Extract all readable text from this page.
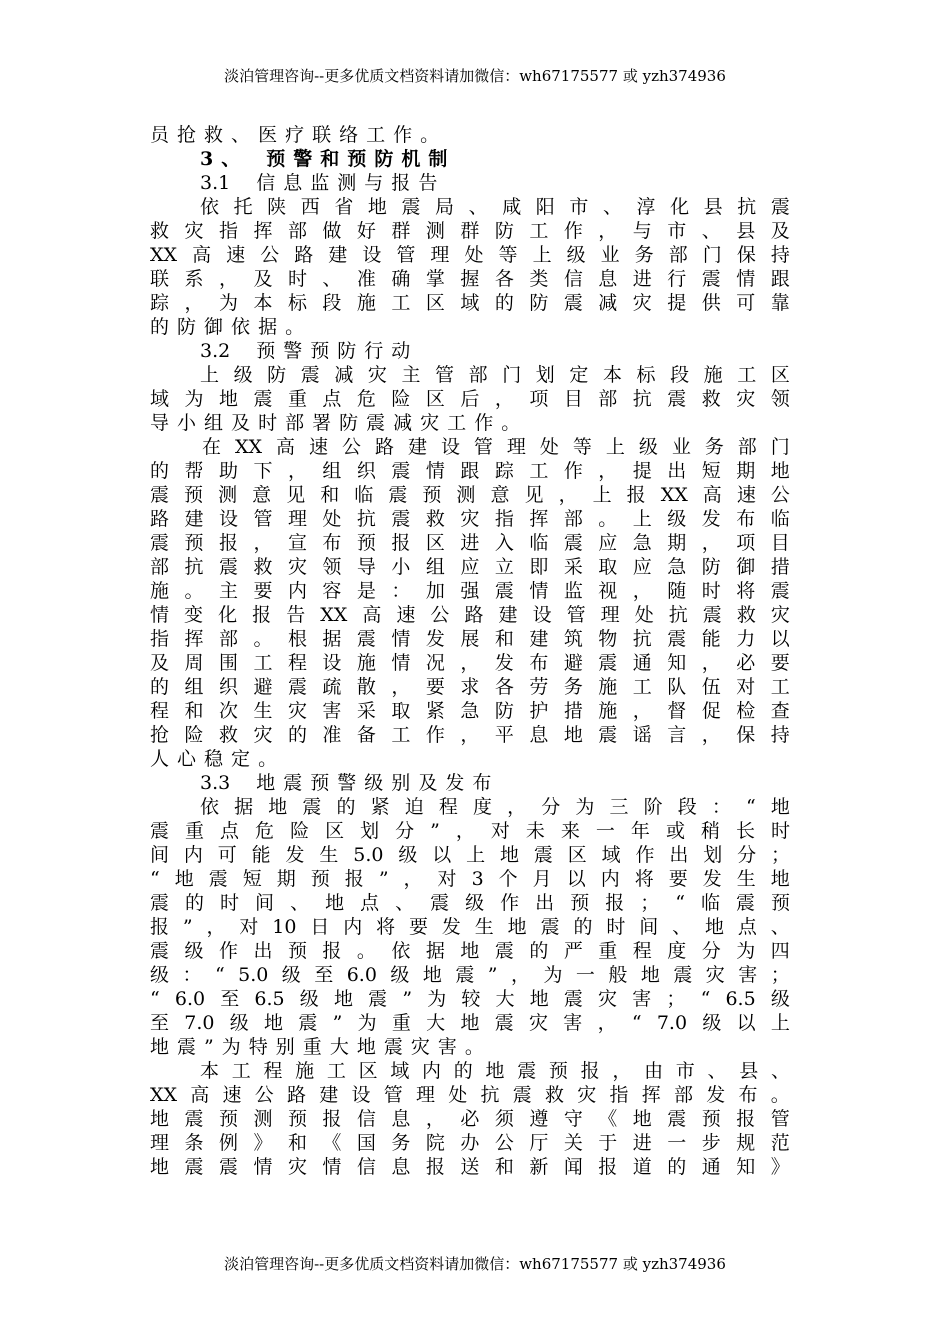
淡泊管理咨询--更多优质文档资料请加微信：wh67175577 或 yzh374936
员 抢 救 、 医 疗 联 络 工 作 。
3 、 预 警 和 预 防 机 制
3.1 信 息 监 测 与 报 告
依 托 陕 西 省 地 震 局 、 咸 阳 市 、 淳 化 县 抗 震
救 灾 指 挥 部 做 好 群 测 群 防 工 作 ， 与 市 、 县 及
XX 高 速 公 路 建 设 管 理 处 等 上 级 业 务 部 门 保 持
联 系 ， 及 时 、 准 确 掌 握 各 类 信 息 进 行 震 情 跟
踪 ， 为 本 标 段 施 工 区 域 的 防 震 减 灾 提 供 可 靠
的 防 御 依 据 。
3.2 预 警 预 防 行 动
上 级 防 震 减 灾 主 管 部 门 划 定 本 标 段 施 工 区
域 为 地 震 重 点 危 险 区 后 ， 项 目 部 抗 震 救 灾 领
导 小 组 及 时 部 署 防 震 减 灾 工 作 。
在 XX 高 速 公 路 建 设 管 理 处 等 上 级 业 务 部 门
的 帮 助 下 ， 组 织 震 情 跟 踪 工 作 ， 提 出 短 期 地
震 预 测 意 见 和 临 震 预 测 意 见 ， 上 报 XX 高 速 公
路 建 设 管 理 处 抗 震 救 灾 指 挥 部 。 上 级 发 布 临
震 预 报 ， 宣 布 预 报 区 进 入 临 震 应 急 期 ， 项 目
部 抗 震 救 灾 领 导 小 组 应 立 即 采 取 应 急 防 御 措
施 。 主 要 内 容 是 ： 加 强 震 情 监 视 ， 随 时 将 震
情 变 化 报 告 XX 高 速 公 路 建 设 管 理 处 抗 震 救 灾
指 挥 部 。 根 据 震 情 发 展 和 建 筑 物 抗 震 能 力 以
及 周 围 工 程 设 施 情 况 ， 发 布 避 震 通 知 ， 必 要
的 组 织 避 震 疏 散 ， 要 求 各 劳 务 施 工 队 伍 对 工
程 和 次 生 灾 害 采 取 紧 急 防 护 措 施 ， 督 促 检 查
抢 险 救 灾 的 准 备 工 作 ， 平 息 地 震 谣 言 ， 保 持
人 心 稳 定 。
3.3 地 震 预 警 级 别 及 发 布
依 据 地 震 的 紧 迫 程 度 ， 分 为 三 阶 段 ： “ 地
震 重 点 危 险 区 划 分 ” ， 对 未 来 一 年 或 稍 长 时
间 内 可 能 发 生 5.0 级 以 上 地 震 区 域 作 出 划 分 ；
“ 地 震 短 期 预 报 ” ， 对 3 个 月 以 内 将 要 发 生 地
震 的 时 间 、 地 点 、 震 级 作 出 预 报 ； “ 临 震 预
报 ” ， 对 10 日 内 将 要 发 生 地 震 的 时 间 、 地 点 、
震 级 作 出 预 报 。 依 据 地 震 的 严 重 程 度 分 为 四
级 ： “ 5.0 级 至 6.0 级 地 震 ” ， 为 一 般 地 震 灾 害 ；
“ 6.0 至 6.5 级 地 震 ” 为 较 大 地 震 灾 害 ； “ 6.5 级
至 7.0 级 地 震 ” 为 重 大 地 震 灾 害 ， “ 7.0 级 以 上
地 震 ” 为 特 别 重 大 地 震 灾 害 。
本 工 程 施 工 区 域 内 的 地 震 预 报 ， 由 市 、 县 、
XX 高 速 公 路 建 设 管 理 处 抗 震 救 灾 指 挥 部 发 布 。
地 震 预 测 预 报 信 息 ， 必 须 遵 守 《 地 震 预 报 管
理 条 例 》 和 《 国 务 院 办 公 厅 关 于 进 一 步 规 范
地 震 震 情 灾 情 信 息 报 送 和 新 闻 报 道 的 通 知 》
淡泊管理咨询--更多优质文档资料请加微信：wh67175577 或 yzh374936
